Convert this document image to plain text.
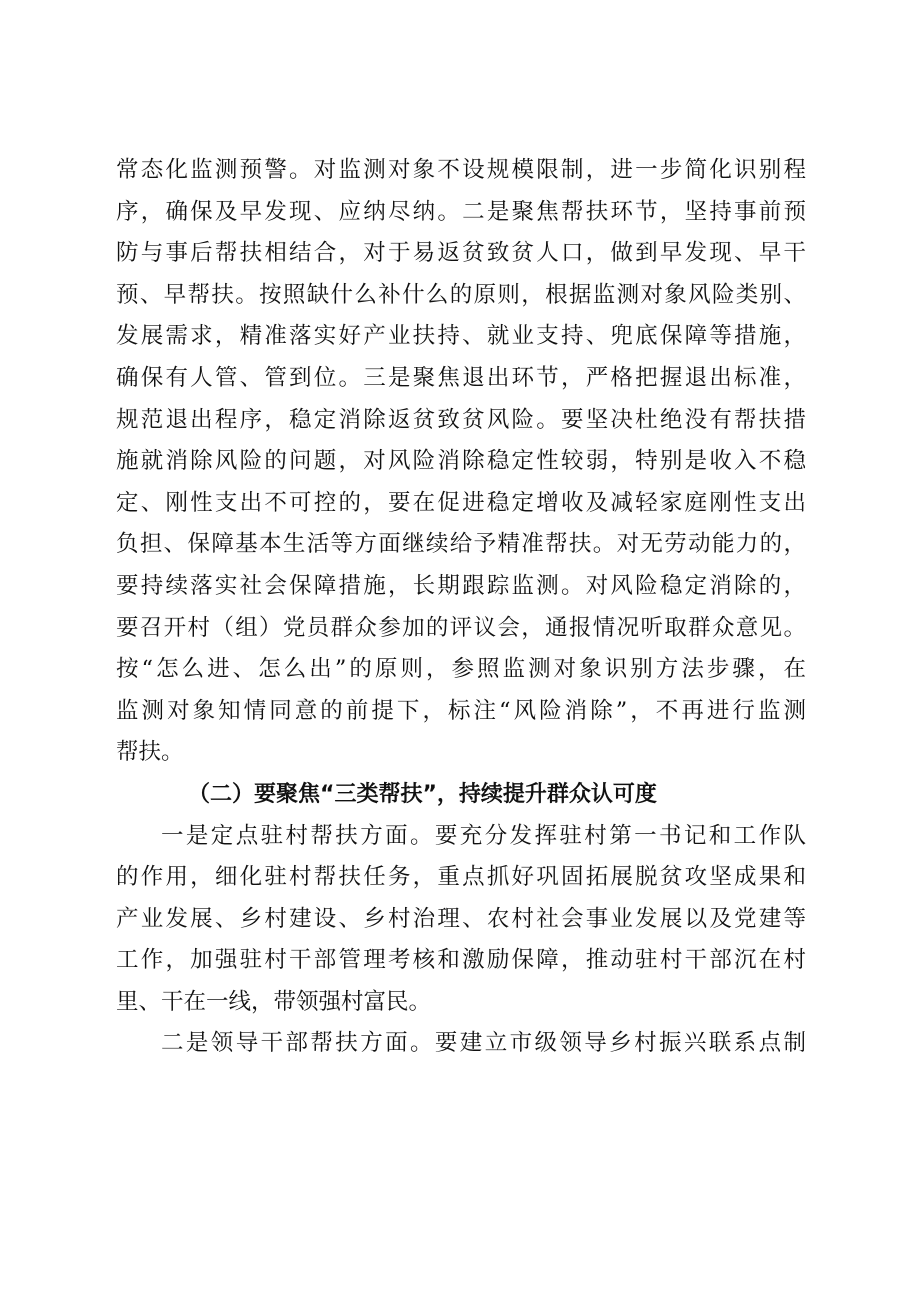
常态化监测预警。对监测对象不设规模限制，进一步简化识别程
序，确保及早发现、应纳尽纳。二是聚焦帮扶环节，坚持事前预
防与事后帮扶相结合，对于易返贫致贫人口，做到早发现、早干
预、早帮扶。按照缺什么补什么的原则，根据监测对象风险类别、
发展需求，精准落实好产业扶持、就业支持、兜底保障等措施，
确保有人管、管到位。三是聚焦退出环节，严格把握退出标准，
规范退出程序，稳定消除返贫致贫风险。要坚决杜绝没有帮扶措
施就消除风险的问题，对风险消除稳定性较弱，特别是收入不稳
定、刚性支出不可控的，要在促进稳定增收及减轻家庭刚性支出
负担、保障基本生活等方面继续给予精准帮扶。对无劳动能力的，
要持续落实社会保障措施，长期跟踪监测。对风险稳定消除的，
要召开村（组）党员群众参加的评议会，通报情况听取群众意见。
按“怎么进、怎么出”的原则，参照监测对象识别方法步骤，在
监测对象知情同意的前提下，标注“风险消除”，不再进行监测
帮扶。
（二）要聚焦“三类帮扶”，持续提升群众认可度
一是定点驻村帮扶方面。要充分发挥驻村第一书记和工作队
的作用，细化驻村帮扶任务，重点抓好巩固拓展脱贫攻坚成果和
产业发展、乡村建设、乡村治理、农村社会事业发展以及党建等
工作，加强驻村干部管理考核和激励保障，推动驻村干部沉在村
里、干在一线，带领强村富民。
二是领导干部帮扶方面。要建立市级领导乡村振兴联系点制
